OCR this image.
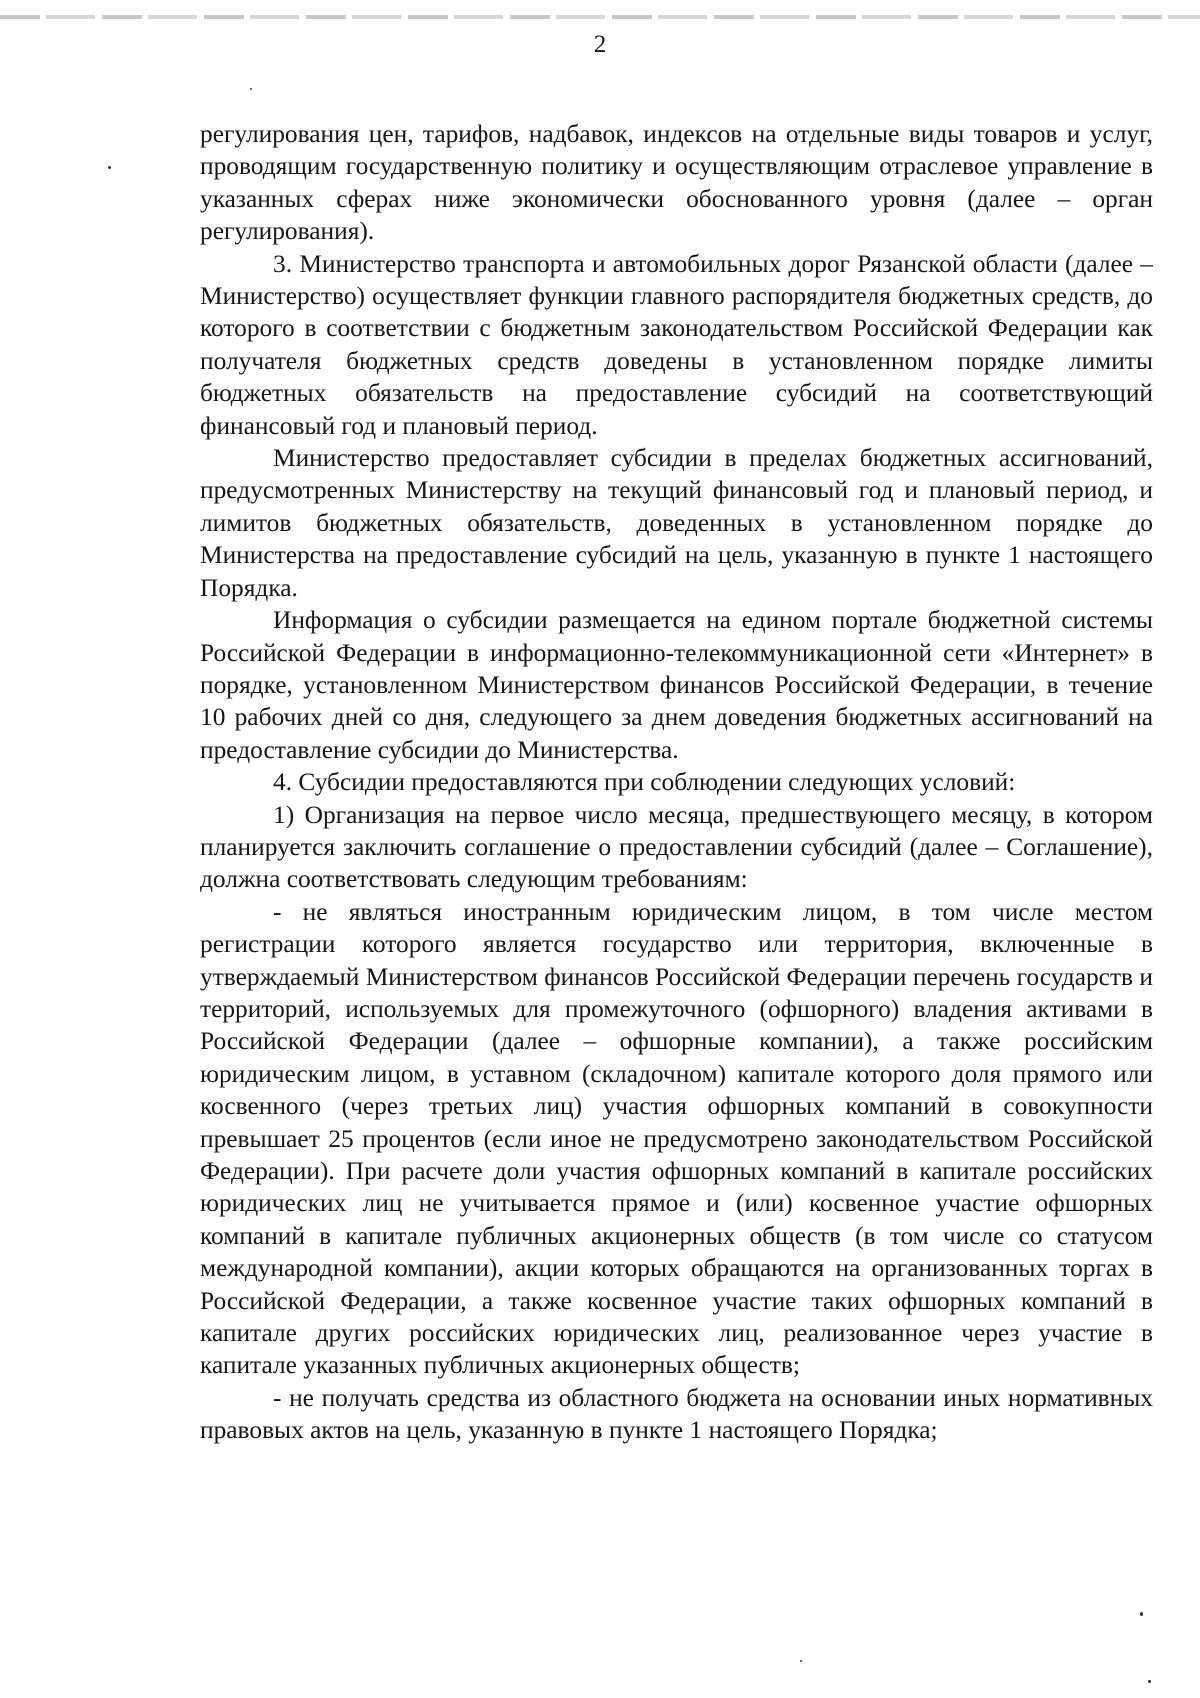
2

регулирования цен, тарифов, надбавок, индексов на отдельные виды товаров и услуг, проводящим государственную политику и осуществляющим отраслевое управление в указанных сферах ниже экономически обоснованного уровня (далее – орган регулирования).

3. Министерство транспорта и автомобильных дорог Рязанской области (далее – Министерство) осуществляет функции главного распорядителя бюджетных средств, до которого в соответствии с бюджетным законодательством Российской Федерации как получателя бюджетных средств доведены в установленном порядке лимиты бюджетных обязательств на предоставление субсидий на соответствующий финансовый год и плановый период.

Министерство предоставляет субсидии в пределах бюджетных ассигнований, предусмотренных Министерству на текущий финансовый год и плановый период, и лимитов бюджетных обязательств, доведенных в установленном порядке до Министерства на предоставление субсидий на цель, указанную в пункте 1 настоящего Порядка.

Информация о субсидии размещается на едином портале бюджетной системы Российской Федерации в информационно-телекоммуникационной сети «Интернет» в порядке, установленном Министерством финансов Российской Федерации, в течение 10 рабочих дней со дня, следующего за днем доведения бюджетных ассигнований на предоставление субсидии до Министерства.

4. Субсидии предоставляются при соблюдении следующих условий:

1) Организация на первое число месяца, предшествующего месяцу, в котором планируется заключить соглашение о предоставлении субсидий (далее – Соглашение), должна соответствовать следующим требованиям:

- не являться иностранным юридическим лицом, в том числе местом регистрации которого является государство или территория, включенные в утверждаемый Министерством финансов Российской Федерации перечень государств и территорий, используемых для промежуточного (офшорного) владения активами в Российской Федерации (далее – офшорные компании), а также российским юридическим лицом, в уставном (складочном) капитале которого доля прямого или косвенного (через третьих лиц) участия офшорных компаний в совокупности превышает 25 процентов (если иное не предусмотрено законодательством Российской Федерации). При расчете доли участия офшорных компаний в капитале российских юридических лиц не учитывается прямое и (или) косвенное участие офшорных компаний в капитале публичных акционерных обществ (в том числе со статусом международной компании), акции которых обращаются на организованных торгах в Российской Федерации, а также косвенное участие таких офшорных компаний в капитале других российских юридических лиц, реализованное через участие в капитале указанных публичных акционерных обществ;

- не получать средства из областного бюджета на основании иных нормативных правовых актов на цель, указанную в пункте 1 настоящего Порядка;
